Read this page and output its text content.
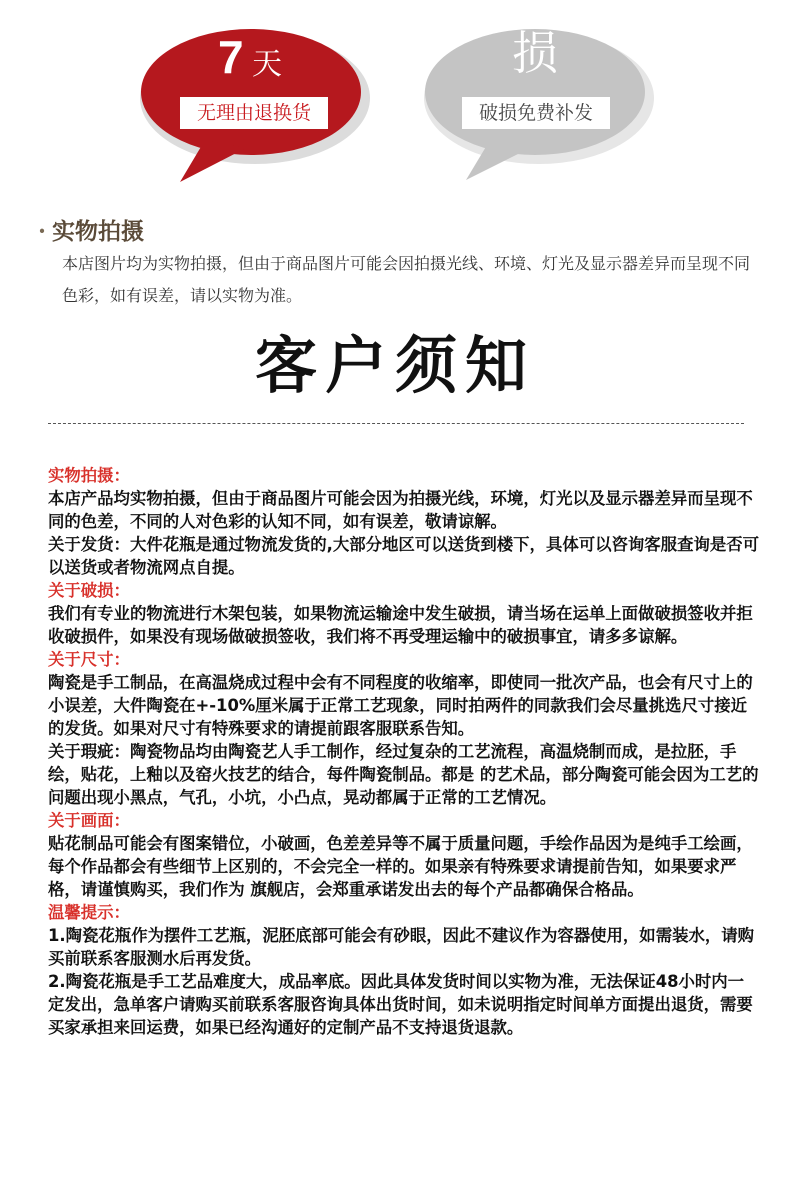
7 天
无理由退换货
损
破损免费补发
· 实物拍摄
本店图片均为实物拍摄，但由于商品图片可能会因拍摄光线、环境、灯光及显示器差异而呈现不同色彩，如有误差，请以实物为准。
客户须知

实物拍摄：

本店产品均实物拍摄，但由于商品图片可能会因为拍摄光线，环境，灯光以及显示器差异而呈现不同的色差，不同的人对色彩的认知不同，如有误差，敬请谅解。

关于发货：大件花瓶是通过物流发货的,大部分地区可以送货到楼下，具体可以咨询客服查询是否可以送货或者物流网点自提。

关于破损：

我们有专业的物流进行木架包装，如果物流运输途中发生破损，请当场在运单上面做破损签收并拒收破损件，如果没有现场做破损签收，我们将不再受理运输中的破损事宜，请多多谅解。

关于尺寸：

陶瓷是手工制品，在高温烧成过程中会有不同程度的收缩率，即使同一批次产品，也会有尺寸上的小误差，大件陶瓷在+-10%厘米属于正常工艺现象，同时拍两件的同款我们会尽量挑选尺寸接近的发货。如果对尺寸有特殊要求的请提前跟客服联系告知。

关于瑕疵：陶瓷物品均由陶瓷艺人手工制作，经过复杂的工艺流程，高温烧制而成，是拉胚，手绘，贴花，上釉以及窑火技艺的结合，每件陶瓷制品。都是 的艺术品，部分陶瓷可能会因为工艺的问题出现小黑点，气孔，小坑，小凸点，晃动都属于正常的工艺情况。

关于画面：

贴花制品可能会有图案错位，小破画，色差差异等不属于质量问题，手绘作品因为是纯手工绘画，每个作品都会有些细节上区别的，不会完全一样的。如果亲有特殊要求请提前告知，如果要求严格，请谨慎购买，我们作为 旗舰店，会郑重承诺发出去的每个产品都确保合格品。

温馨提示：

1.陶瓷花瓶作为摆件工艺瓶，泥胚底部可能会有砂眼，因此不建议作为容器使用，如需装水，请购买前联系客服测水后再发货。

2.陶瓷花瓶是手工艺品难度大，成品率底。因此具体发货时间以实物为准，无法保证48小时内一定发出，急单客户请购买前联系客服咨询具体出货时间，如未说明指定时间单方面提出退货，需要买家承担来回运费，如果已经沟通好的定制产品不支持退货退款。
